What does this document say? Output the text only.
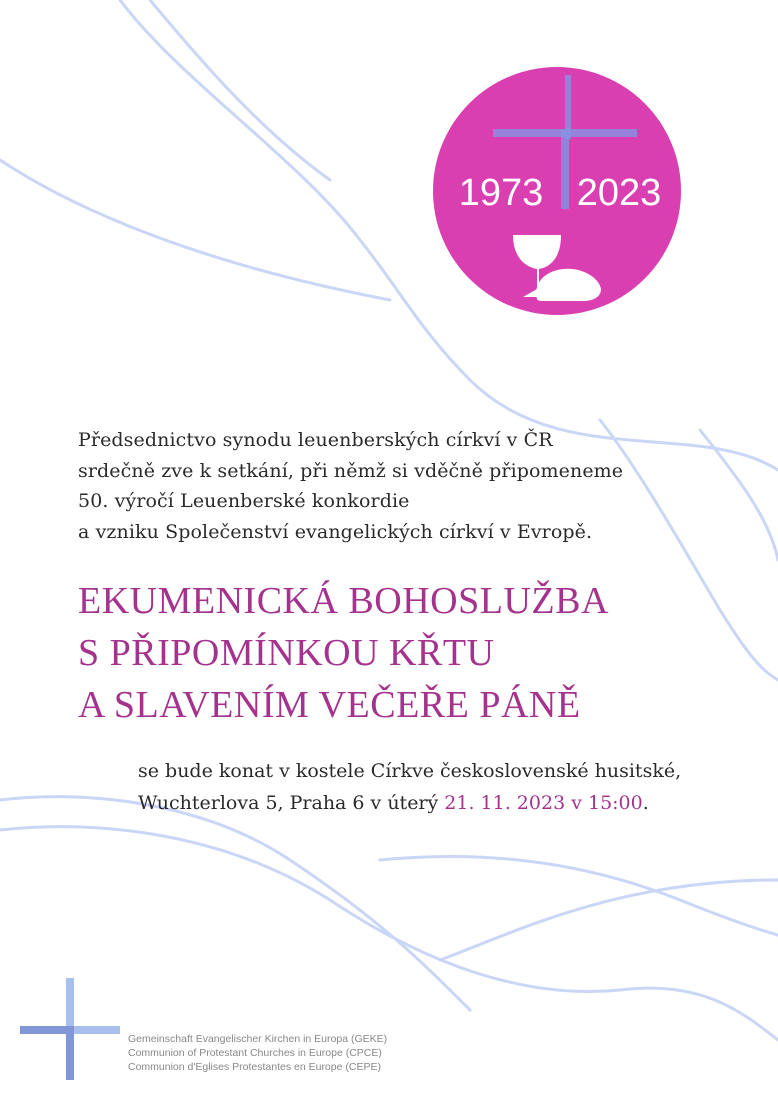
1973 2023
Předsednictvo synodu leuenberských církví v ČR
srdečně zve k setkání, při němž si vděčně připomeneme
50. výročí Leuenberské konkordie
a vzniku Společenství evangelických církví v Evropě.
EKUMENICKÁ BOHOSLUŽBA
S PŘIPOMÍNKOU KŘTU
A SLAVENÍM VEČEŘE PÁNĚ
se bude konat v kostele Církve československé husitské,
Wuchterlova 5, Praha 6 v úterý 21. 11. 2023 v 15:00.
Gemeinschaft Evangelischer Kirchen in Europa (GEKE)
Communion of Protestant Churches in Europe (CPCE)
Communion d'Eglises Protestantes en Europe (CEPE)
